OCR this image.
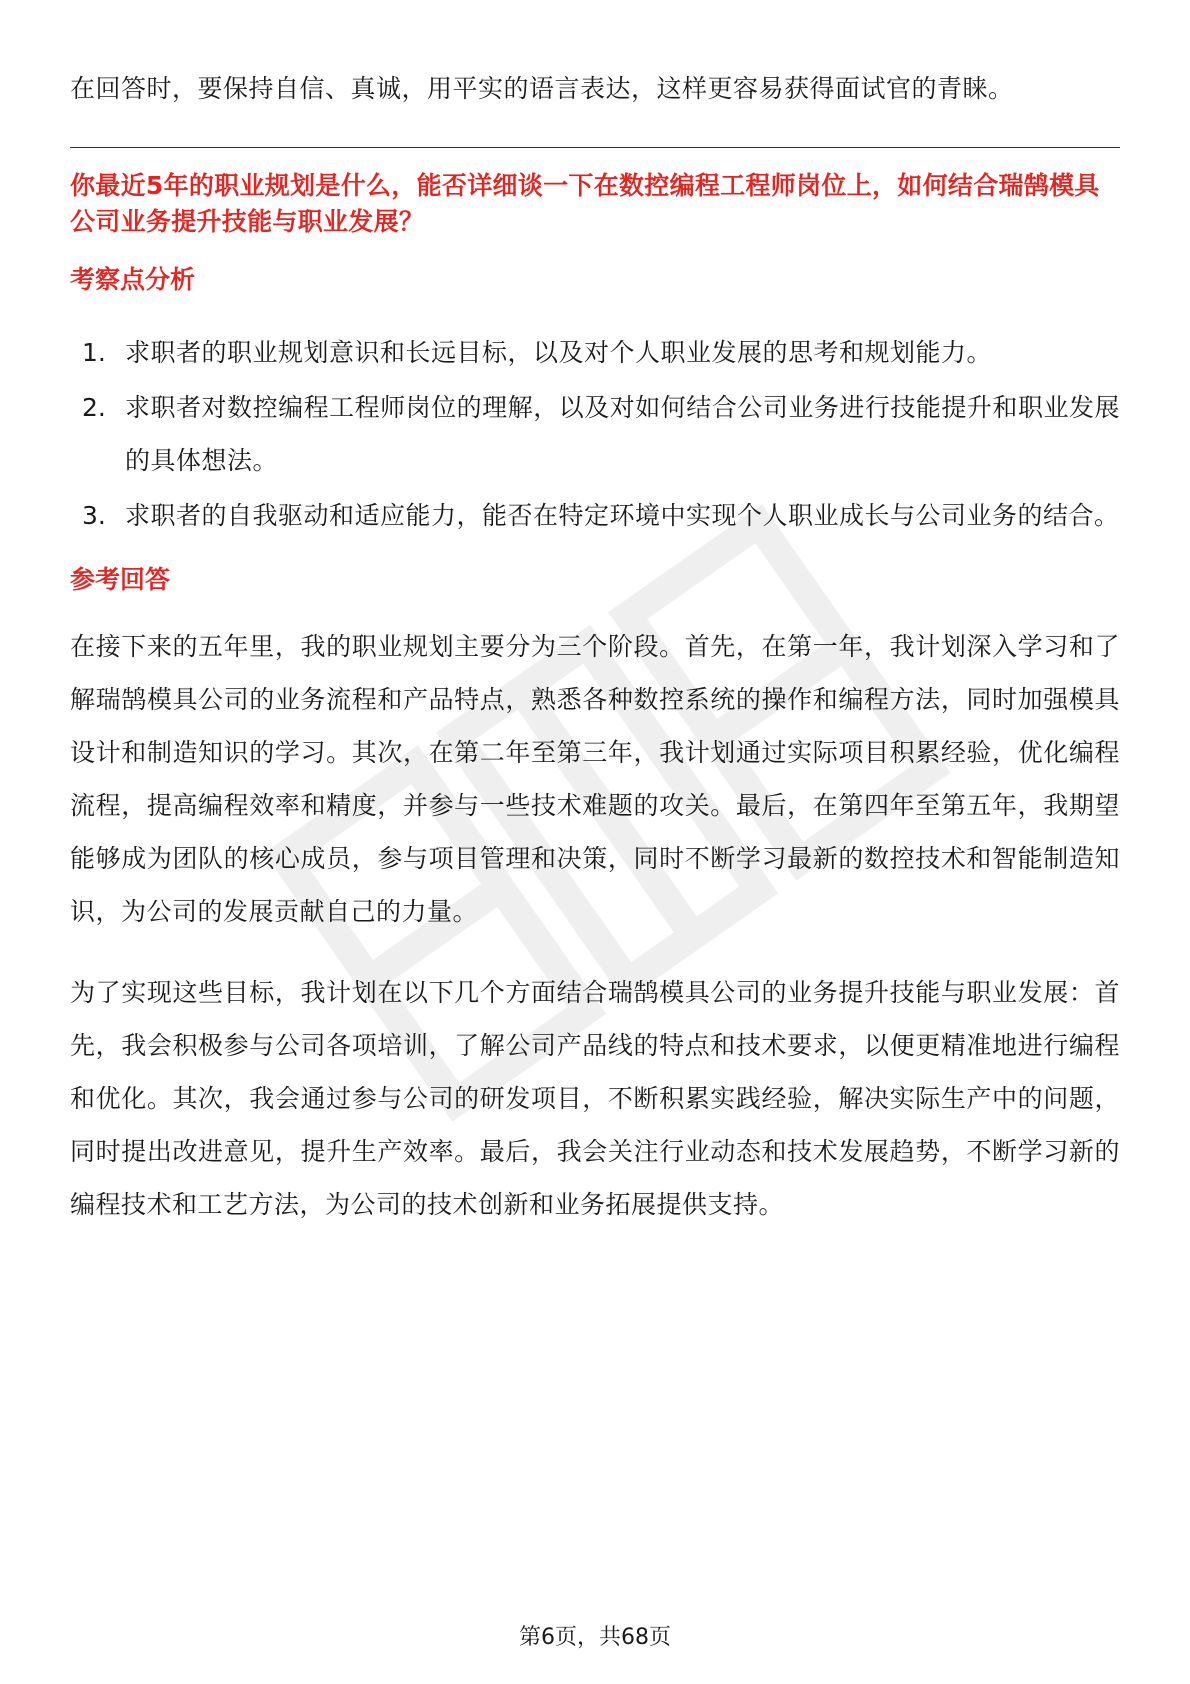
在回答时，要保持自信、真诚，用平实的语言表达，这样更容易获得面试官的青睐。

你最近5年的职业规划是什么，能否详细谈一下在数控编程工程师岗位上，如何结合瑞鹄模具公司业务提升技能与职业发展？

考察点分析

1. 求职者的职业规划意识和长远目标，以及对个人职业发展的思考和规划能力。
2. 求职者对数控编程工程师岗位的理解，以及对如何结合公司业务进行技能提升和职业发展的具体想法。
3. 求职者的自我驱动和适应能力，能否在特定环境中实现个人职业成长与公司业务的结合。

参考回答

在接下来的五年里，我的职业规划主要分为三个阶段。首先，在第一年，我计划深入学习和了解瑞鹄模具公司的业务流程和产品特点，熟悉各种数控系统的操作和编程方法，同时加强模具设计和制造知识的学习。其次，在第二年至第三年，我计划通过实际项目积累经验，优化编程流程，提高编程效率和精度，并参与一些技术难题的攻关。最后，在第四年至第五年，我期望能够成为团队的核心成员，参与项目管理和决策，同时不断学习最新的数控技术和智能制造知识，为公司的发展贡献自己的力量。

为了实现这些目标，我计划在以下几个方面结合瑞鹄模具公司的业务提升技能与职业发展：首先，我会积极参与公司各项培训，了解公司产品线的特点和技术要求，以便更精准地进行编程和优化。其次，我会通过参与公司的研发项目，不断积累实践经验，解决实际生产中的问题，同时提出改进意见，提升生产效率。最后，我会关注行业动态和技术发展趋势，不断学习新的编程技术和工艺方法，为公司的技术创新和业务拓展提供支持。

第6页，共68页
